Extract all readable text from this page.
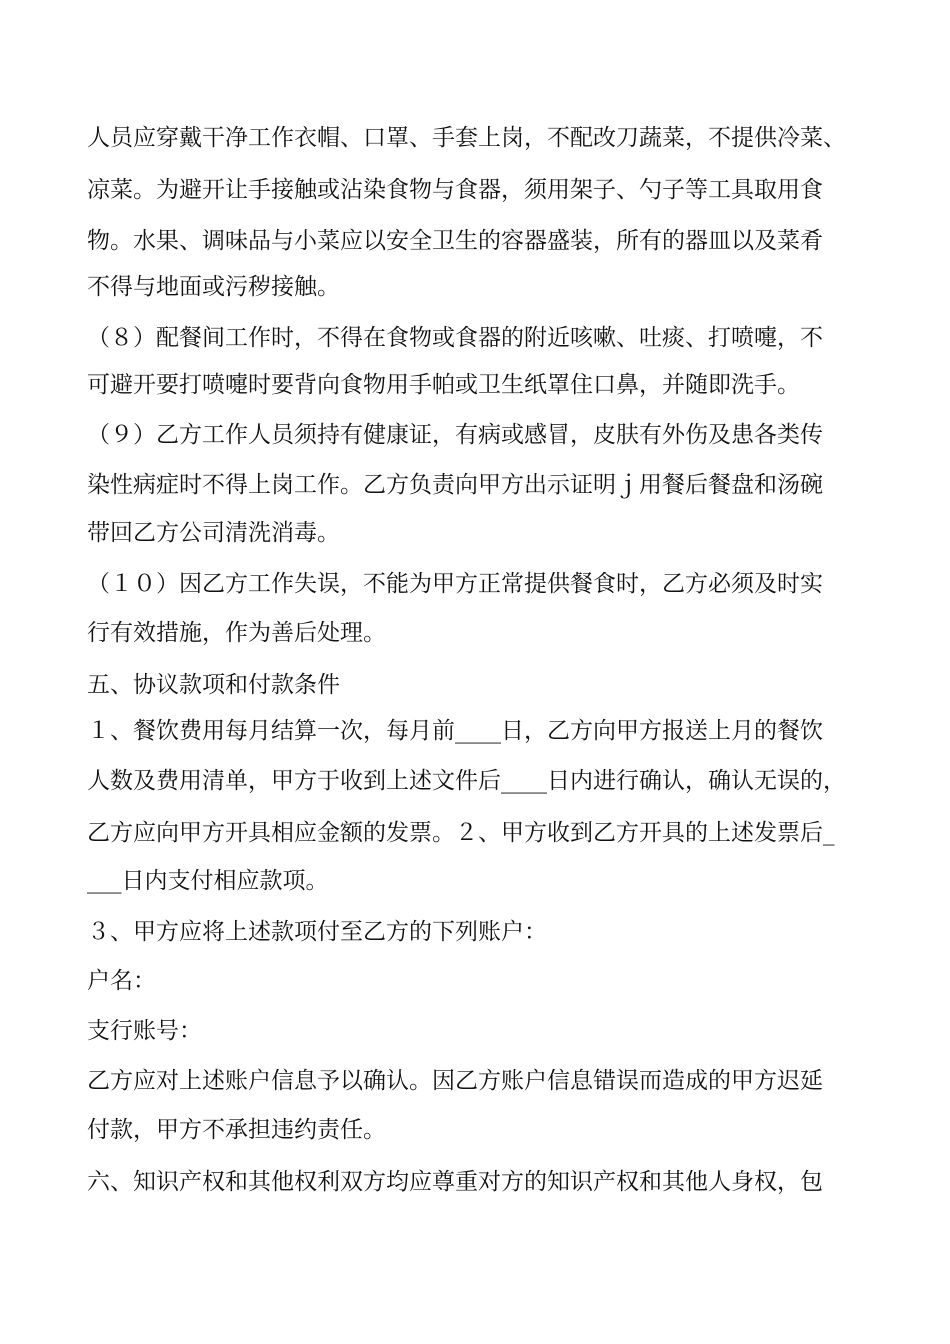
人员应穿戴干净工作衣帽、口罩、手套上岗，不配改刀蔬菜，不提供冷菜、
凉菜。为避开让手接触或沾染食物与食器，须用架子、勺子等工具取用食
物。水果、调味品与小菜应以安全卫生的容器盛装，所有的器皿以及菜肴
不得与地面或污秽接触。
（８）配餐间工作时，不得在食物或食器的附近咳嗽、吐痰、打喷嚏，不
可避开要打喷嚏时要背向食物用手帕或卫生纸罩住口鼻，并随即洗手。
（９）乙方工作人员须持有健康证，有病或感冒，皮肤有外伤及患各类传
染性病症时不得上岗工作。乙方负责向甲方出示证明ｊ用餐后餐盘和汤碗
带回乙方公司清洗消毒。
（１０）因乙方工作失误，不能为甲方正常提供餐食时，乙方必须及时实
行有效措施，作为善后处理。
五、协议款项和付款条件
１、餐饮费用每月结算一次，每月前____日，乙方向甲方报送上月的餐饮
人数及费用清单，甲方于收到上述文件后____日内进行确认，确认无误的，
乙方应向甲方开具相应金额的发票。２、甲方收到乙方开具的上述发票后_
___日内支付相应款项。
３、甲方应将上述款项付至乙方的下列账户：
户名：
支行账号：
乙方应对上述账户信息予以确认。因乙方账户信息错误而造成的甲方迟延
付款，甲方不承担违约责任。
六、知识产权和其他权利双方均应尊重对方的知识产权和其他人身权，包
